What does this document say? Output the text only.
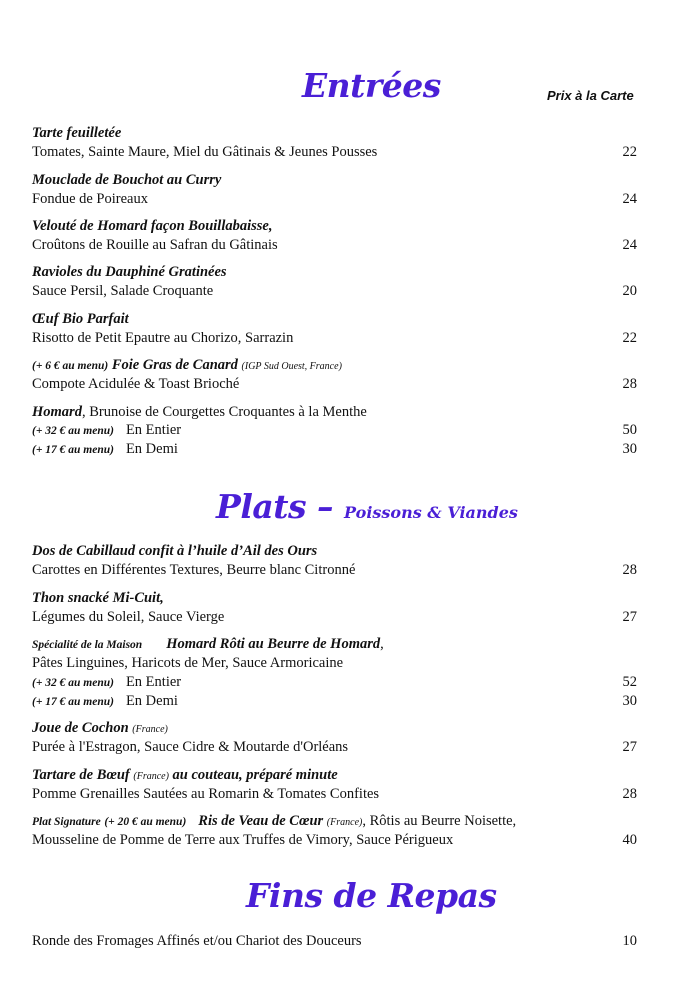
Entrées	Prix à la Carte
Tarte feuilletée
Tomates, Sainte Maure, Miel du Gâtinais & Jeunes Pousses	22
Mouclade de Bouchot au Curry
Fondue de Poireaux	24
Velouté de Homard façon Bouillabaisse,
Croûtons de Rouille au Safran du Gâtinais	24
Ravioles du Dauphiné Gratinées
Sauce Persil, Salade Croquante	20
Œuf Bio Parfait
Risotto de Petit Epautre au Chorizo, Sarrazin	22
(+ 6 € au menu) Foie Gras de Canard (IGP Sud Ouest, France)
Compote Acidulée & Toast Brioché	28
Homard, Brunoise de Courgettes Croquantes à la Menthe
(+ 32 € au menu) En Entier	50
(+ 17 € au menu) En Demi	30
Plats – Poissons & Viandes
Dos de Cabillaud confit à l’huile d’Ail des Ours
Carottes en Différentes Textures, Beurre blanc Citronné	28
Thon snacké Mi-Cuit,
Légumes du Soleil, Sauce Vierge	27
Spécialité de la Maison Homard Rôti au Beurre de Homard,
Pâtes Linguines, Haricots de Mer, Sauce Armoricaine
(+ 32 € au menu) En Entier	52
(+ 17 € au menu) En Demi	30
Joue de Cochon (France)
Purée à l'Estragon, Sauce Cidre & Moutarde d'Orléans	27
Tartare de Bœuf (France) au couteau, préparé minute
Pomme Grenailles Sautées au Romarin & Tomates Confites	28
Plat Signature (+ 20 € au menu) Ris de Veau de Cœur (France), Rôtis au Beurre Noisette,
Mousseline de Pomme de Terre aux Truffes de Vimory, Sauce Périgueux	40
Fins de Repas
Ronde des Fromages Affinés et/ou Chariot des Douceurs	10
